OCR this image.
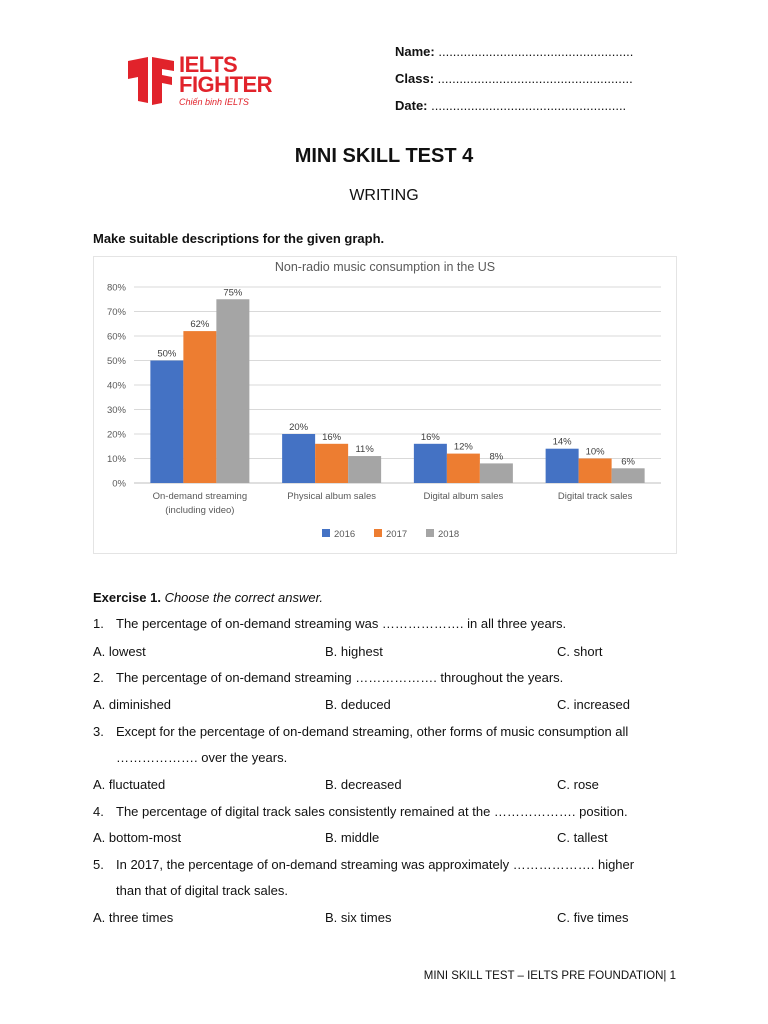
IELTS
FIGHTER
Chiến binh IELTS
Name: ......................................................
Class: ......................................................
Date: ......................................................
MINI SKILL TEST 4
WRITING
Make suitable descriptions for the given graph.
Non-radio music consumption in the US
0%
10%
20%
30%
40%
50%
60%
70%
80%
50%
62%
75%
On-demand streaming
(including video)
20%
16%
11%
Physical album sales
16%
12%
8%
Digital album sales
14%
10%
6%
Digital track sales
2016	2017	2018
Exercise 1. Choose the correct answer.
1. The percentage of on-demand streaming was ………………. in all three years.
A. lowest	B. highest	C. short
2. The percentage of on-demand streaming ………………. throughout the years.
A. diminished	B. deduced	C. increased
3. Except for the percentage of on-demand streaming, other forms of music consumption all
………………. over the years.
A. fluctuated	B. decreased	C. rose
4. The percentage of digital track sales consistently remained at the ………………. position.
A. bottom-most	B. middle	C. tallest
5. In 2017, the percentage of on-demand streaming was approximately ………………. higher
than that of digital track sales.
A. three times	B. six times	C. five times
MINI SKILL TEST – IELTS PRE FOUNDATION| 1
